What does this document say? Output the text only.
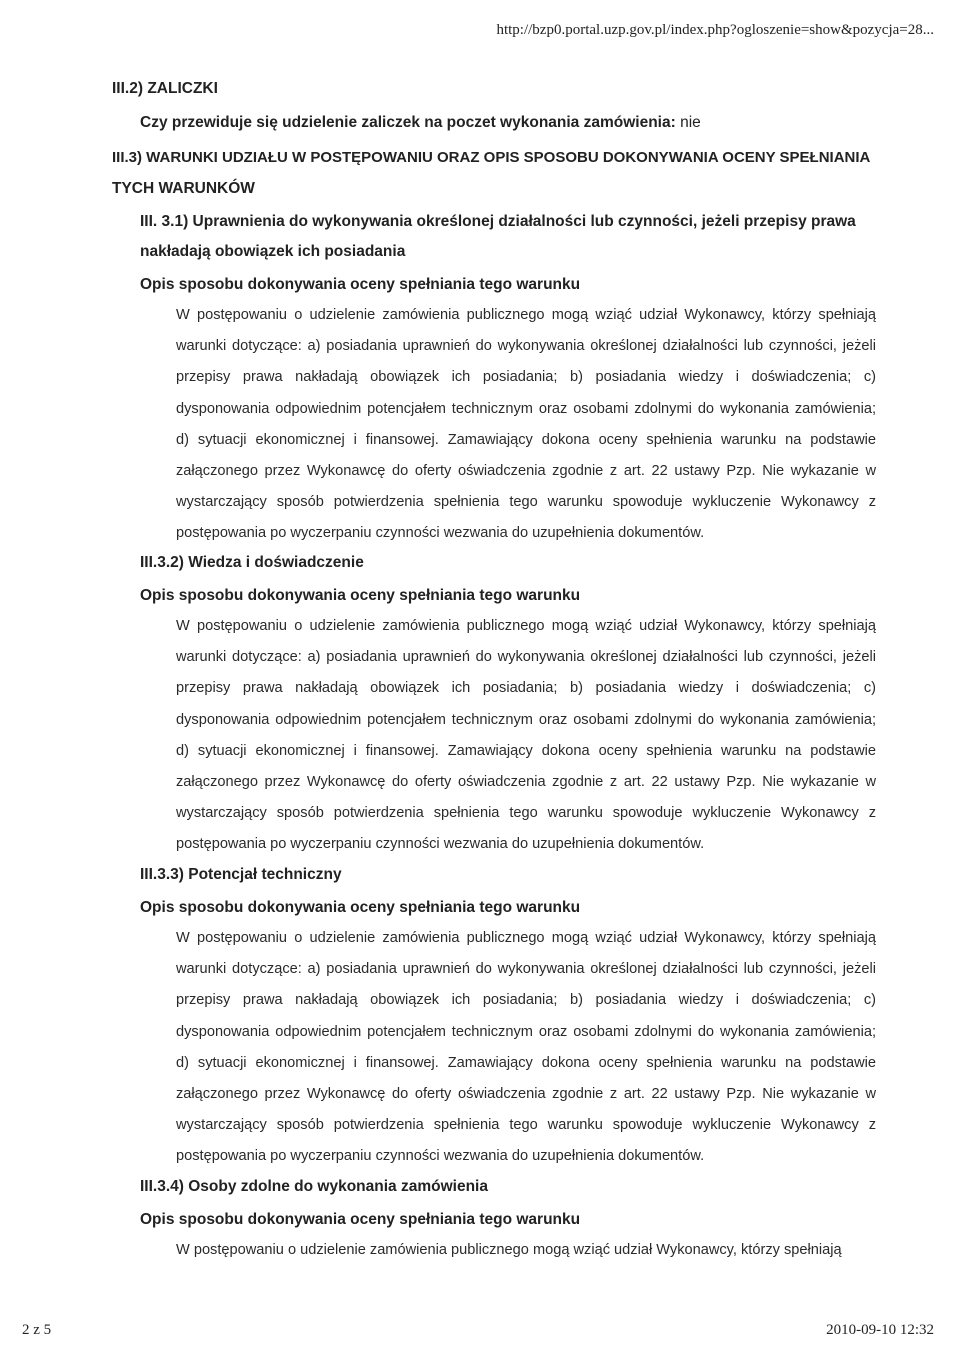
http://bzp0.portal.uzp.gov.pl/index.php?ogloszenie=show&pozycja=28...
III.2) ZALICZKI
Czy przewiduje się udzielenie zaliczek na poczet wykonania zamówienia: nie
III.3) WARUNKI UDZIAŁU W POSTĘPOWANIU ORAZ OPIS SPOSOBU DOKONYWANIA OCENY SPEŁNIANIA
TYCH WARUNKÓW
III. 3.1) Uprawnienia do wykonywania określonej działalności lub czynności, jeżeli przepisy prawa
nakładają obowiązek ich posiadania
Opis sposobu dokonywania oceny spełniania tego warunku
W postępowaniu o udzielenie zamówienia publicznego mogą wziąć udział Wykonawcy, którzy spełniają warunki dotyczące: a) posiadania uprawnień do wykonywania określonej działalności lub czynności, jeżeli przepisy prawa nakładają obowiązek ich posiadania; b) posiadania wiedzy i doświadczenia; c) dysponowania odpowiednim potencjałem technicznym oraz osobami zdolnymi do wykonania zamówienia; d) sytuacji ekonomicznej i finansowej. Zamawiający dokona oceny spełnienia warunku na podstawie załączonego przez Wykonawcę do oferty oświadczenia zgodnie z art. 22 ustawy Pzp. Nie wykazanie w wystarczający sposób potwierdzenia spełnienia tego warunku spowoduje wykluczenie Wykonawcy z postępowania po wyczerpaniu czynności wezwania do uzupełnienia dokumentów.
III.3.2) Wiedza i doświadczenie
Opis sposobu dokonywania oceny spełniania tego warunku
W postępowaniu o udzielenie zamówienia publicznego mogą wziąć udział Wykonawcy, którzy spełniają warunki dotyczące: a) posiadania uprawnień do wykonywania określonej działalności lub czynności, jeżeli przepisy prawa nakładają obowiązek ich posiadania; b) posiadania wiedzy i doświadczenia; c) dysponowania odpowiednim potencjałem technicznym oraz osobami zdolnymi do wykonania zamówienia; d) sytuacji ekonomicznej i finansowej. Zamawiający dokona oceny spełnienia warunku na podstawie załączonego przez Wykonawcę do oferty oświadczenia zgodnie z art. 22 ustawy Pzp. Nie wykazanie w wystarczający sposób potwierdzenia spełnienia tego warunku spowoduje wykluczenie Wykonawcy z postępowania po wyczerpaniu czynności wezwania do uzupełnienia dokumentów.
III.3.3) Potencjał techniczny
Opis sposobu dokonywania oceny spełniania tego warunku
W postępowaniu o udzielenie zamówienia publicznego mogą wziąć udział Wykonawcy, którzy spełniają warunki dotyczące: a) posiadania uprawnień do wykonywania określonej działalności lub czynności, jeżeli przepisy prawa nakładają obowiązek ich posiadania; b) posiadania wiedzy i doświadczenia; c) dysponowania odpowiednim potencjałem technicznym oraz osobami zdolnymi do wykonania zamówienia; d) sytuacji ekonomicznej i finansowej. Zamawiający dokona oceny spełnienia warunku na podstawie załączonego przez Wykonawcę do oferty oświadczenia zgodnie z art. 22 ustawy Pzp. Nie wykazanie w wystarczający sposób potwierdzenia spełnienia tego warunku spowoduje wykluczenie Wykonawcy z postępowania po wyczerpaniu czynności wezwania do uzupełnienia dokumentów.
III.3.4) Osoby zdolne do wykonania zamówienia
Opis sposobu dokonywania oceny spełniania tego warunku
W postępowaniu o udzielenie zamówienia publicznego mogą wziąć udział Wykonawcy, którzy spełniają
2 z 5	2010-09-10 12:32
